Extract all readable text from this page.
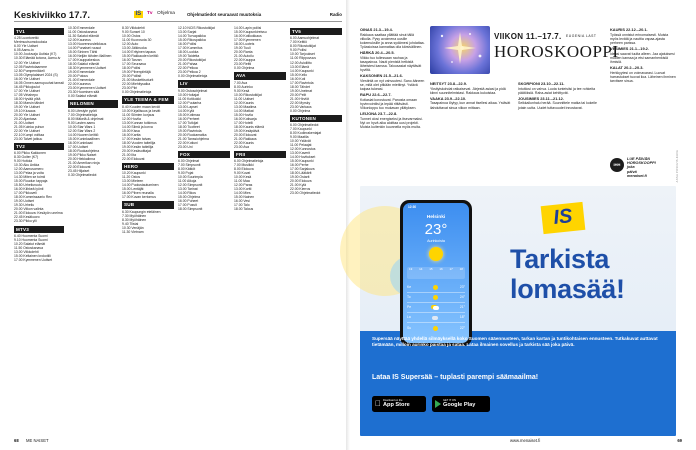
Keskiviikko 17.7.	IS	Tv Ohjelma	Ohjelmatiedot seuraavat muutoksia	Radio
TV1
4.25 Luontoretki: Merimuutsomolouksia
6.00 Yle Uutiset
6.05 Aamu-tv
10.00 Jouluvaja Uutisia (K7)
10.30 Elämää kotona, Aamu-tv
12.00 Yle Uutiset
12.05 Ravintolaamme
12.50 Pumpernikkeli
13.05 Olympialaiset 2024 (S)
16.00 Yle Uutiset
16.05 Onnen aamupuuhat tanssii
16.45 Pikkujoulut
17.00 Yle Uutiset
17.05 Virtahepo
18.00 Hyvää yötä
18.30 Marsin tähdet
19.00 Yle Uutiset
19.10 Kiusaus
20.00 Yle Uutiset
20.20 Ajantasa
21.00 Uutiset
21.05 Kuinka puhun
22.00 Yle Uutiset
22.10 Kumpi voittaa
23.00 Talvet jatkuu
TV2
6.00 Pikku Kakkonen
8.30 Goiter (K7)
9.00 Hoitola
10.30 Aku Ankka
12.00 Aamusomero
13.00 Pelaa ja voita
14.30 Miten se toimii
15.00 Ruudun tappaja
15.50 Urheiluruutu
16.00 Kiihkeä lyönti
17.00 Pikkuveli
18.00 Kommissaario Rex
19.00 Uutiset
19.30 Urheilu
20.00 Viikon valinta
21.00 Elokuva: Kesäyön unelma
22.45 Kesäkuoro
23.30 Pikku ylli
MTV3
6.40 Huomenta Suomi
9.10 Huomenta Suomi
10.20 Salatut elämät
11.50 Ostoskanava
13.00 Viikkolehti
15.00 Keltainen krokotiili
17.00 Kymmenen Uutiset
10.30 Emmerdale
11.00 Ostoskanava
11.30 Salatut elämät
12.00 Kauneus
13.00 Nuorennosleikkaus
14.00 Punaiset ruusut
15.00 Sininen Tähti
16.00 Neljän tähden illallinen
17.00 Kauppakeskus
18.00 Salatut elämät
18.30 Kymmenen Uutiset
19.00 Emmerdale
20.00 Putous
21.00 Emmerdale
22.00 Kauneus
23.00 Kymmenen Uutiset
23.30 Huomisen sää
0.00 Salatut elämät
NELONEN
6.00 Lifestyle pyörii
7.00 Ohjelmatietoja
8.00 Mäkelä & ohjelmat
9.00 Lasten aamu
10.00 Star Wars 1
12.00 Star Wars 2
14.00 Nuoren keittiö
15.00 Kuninkaallinen
16.00 Kuninkaat
17.00 Uutiset
18.00 Ruokaohjelma
19.00 Pikku Naiset
20.00 Hiekkalinna
21.00 Amerikan ninja
22.00 Elokuvat
23.45 Hiljaiset
0.30 Ohjelmatiedot
8.30 Viikkolehti
9.00 Sunset 10
10.00 Ostos
11.00 Kuorosota 30
12.00 Auto
13.00 Jälkiruoka
14.00 Erityinen tapaus
15.00 Rakkauden keittiö
16.00 Tarzan
17.00 Seuraava
18.00 Poliisi
19.00 Pilvenpiirtäjä
20.00 Poliisit
21.00 Muskettisoturit
22.00 Miehitysaika
23.00 Piiri
0.00 Ohjelmatietoja
YLE TEEMA & FEM
8.40 Kuuden maan kevät
10.00 Kirjallisuus ja kevät
11.00 Silmien korjaus
12.00 Huvila
13.00 Kunnan tutkimus
14.00 Silmä ja korva
15.00 Kissa
16.00 Kartta
17.00 Kesän taivas
18.00 Vuoden taiteilija
19.00 Kesän taiteilija
20.00 Kesäsoittajat
21.00 Ilta
22.00 Elokuvat
HERO
10.20 Kaupunki
11.20 Ostos
13.00 Mieleen
14.00 Puolustautuminen
15.00 Lentäjät
16.00 Pilven reunalla
17.00 Kuvan kertomus
SUB
6.30 Kaupungin eteläinen
7.30 Myöhäinen
8.30 Myöhäinen
9.40 Tiistai
10.30 Venäjän
11.30 Vietnam
12.10 NCIS Rikostutkijat
13.00 Sarjat
14.00 Turvapaikka
15.00 Rikospaikka
16.00 Poliisi
17.00 Kummitus
18.00 Luokka
19.00 Taidetta
20.00 Rikostutkijat
21.00 Pahaa
22.00 Pelkoa
23.00 Pelkoa 2
0.00 Ohjelmatietoja
LIV
9.00 Ostosohjelmat
10.00 Hoitajat
11.00 Kotikokki
12.00 Puutarha
13.00 Lapset
14.00 Kylä
15.00 Kotimaa
16.00 Perheet
17.00 Tutkijat
18.00 Tuotteet
19.00 Ravintola
20.00 Ruokamatka
21.00 Tanssiohjelma
22.00 Kotiuni
23.00 Uni
FOX
6.00 Ohjelmat
7.00 Simpsonit
8.00 Kätköt
9.00 Pojat
10.00 Suurimpia
11.00 Aikoja
12.00 Simpsonit
13.00 Tarinat
14.00 Rikos
15.00 Ohjelma
16.00 Puheet
17.00 Pussit
18.00 Simpsonit
14.00 Lapin poliisi
15.00 Kaupunkireissu
16.00 Kotikokkaus
17.00 Kymmenen
18.00 Luoteis
19.00 Tuuli
20.00 Ranta
21.00 Autoilu
22.00 Kauppa
23.00 Reitti
0.00 Ohjelma
AVA
7.00 Ava
8.00 Aurinko
9.00 Kesä
10.00 Rikostutkijat
11.00 Uutiset
12.00 Kaunis
13.00 Maailma
14.00 Matkat
15.00 Huvila
16.00 Kotisarja
17.00 Hotelli
18.00 Kaunis elämä
19.00 Kesäpäivä
20.00 Elokuvat
21.00 Rakkaus
22.00 Kaunis
23.00 Ava
FRII
6.00 Ohjelmatietoja
7.00 Musiikki
8.00 Elokuva
9.00 Kuvat
10.00 Kesä
11.00 Maa
12.00 Paras
13.00 Kortti
14.00 Mies
15.00 Nainen
16.00 Vesi
17.00 Talo
18.00 Talous
TV5
6.00 Aamuohjelmat
7.00 Keittiö
8.00 Rikostutkijat
9.00 Poliisi
10.00 Tarjoukset
11.00 Riippuvuus
12.00 Avioliitto
13.00 Elämä
14.00 Kaupunki
15.00 Kello
16.00 Koti
17.00 Ravintola
18.00 Tähdet
19.00 Unelmat
20.00 Pelit
21.00 Hirviöt
22.00 Myrsky
23.00 Varkaus
0.00 Ohjelma
KUTONEN
6.00 Ohjelmatiedot
7.00 Kaupunki
8.00 Kodinrakentajat
9.00 Maatila
10.00 Ystävät
11.00 Pelaajat
12.00 Kunnostus
13.00 Kaverit
14.00 Huvitukset
15.00 Kaupunki
16.00 Perhe
17.00 Sarjakuva
18.00 Lääkärit
19.00 Ostarit
20.00 Elokuva
21.00 Kylä
22.00 Kierros
23.00 Ohjelmatiedot
68 ME NAISET
OINAS 21.3.–19.4.
Rakkaus saattaa yllättää sinut tällä viikolla. Pysy avoimena uusille kokemuksille ja anna sydämesi johdattaa. Työasioissa kannattaa olla kärsivällinen.
HÄRKÄ 20.4.–20.5.
Viikko tuo tullessaan rauhaa ja tasapainoa. Nauti pienistä hetkistä läheistesi kanssa. Talousasiat näyttävät hyviltä.
KAKSONEN 21.5.–21.6.
Viestintä on nyt vahvuutesi. Sano ääneen se, mitä olet pitkään miettinyt. Ystävä kaipaa tukeasi.
RAPU 22.6.–22.7.
Kotiasiat korostuvat. Panosta omaan hyvinvointiisi ja lepää riittävästi. Viikonloppu tuo mukavan yllätyksen.
LEIJONA 23.7.–22.8.
Tunnet olosi energiseksi ja itsevarmaksi. Nyt on hyvä aika aloittaa uusi projekti. Muista kuitenkin kuunnella myös muita.
VIIKON 11.–17.7.
HOROSKOOPPI
EUGENIA LAST
NEITSYT 23.8.–22.9.
Yksityiskohdat ratkaisevat. Järjestä asiasi ja pidä kiinni suunnitelmistasi. Rakkaus kukoistaa.
VAAKA 23.9.–22.10.
Tasapainoa löytyy, kun annat itsellesi aikaa. Ystävät ilahduttavat sinua viikon mittaan.
SKORPIONI 23.10.–22.11.
Intuitiosi on vahva. Luota tunteisiisi ja tee rohkeita päätöksiä. Raha-asiat kehittyvät.
JOUSIMIES 23.11.–21.12.
Seikkailunhalu herää. Suunnittele matka tai kokeile jotain uutta. Uudet tuttavuudet innostavat.
KAURIS 22.12.–20.1.
Työssä onnistut erinomaisesti. Muista myös levätä ja nauttia vapaa-ajasta perheen parissa.
VESIMIES 21.1.–19.2.
Ideasi saavat tuulta alleen. Jaa ajatuksesi muiden kanssa ja etsi samanhenkisiä ihmisiä.
KALAT 20.2.–20.3.
Herkkyytesi on voimavarasi. Luovat harrastukset tuovat iloa. Läheinen ihminen tarvitsee sinua.
IHH
LUE PÄIVÄN HOROSKOOPPI
joka
päivä
menaiset.fi	ANNA POSIO/IS-KUVA
12:30
Helsinki
23°
Aurinkoista
13 14 15 16 17 18
Ke	23°
To	24°
Pe	21°
La	18°
Su	22°
IS
Tarkista
lomasää!
Supersää näyttää yhdellä silmäyksellä koko Suomen sääennusteen, tarkan kartan ja tuntikohtaisen ennusteen. Tutkakuvat auttavat tietämään, milloin aurinko paistaa ja sataa. Lataa ilmainen sovellus ja tarkista sää joka päivä.
Lataa IS Supersää – tuplasti parempi säämaailma!
Download on the
App Store
GET IT ON
Google Play
www.menaiset.fi	69
